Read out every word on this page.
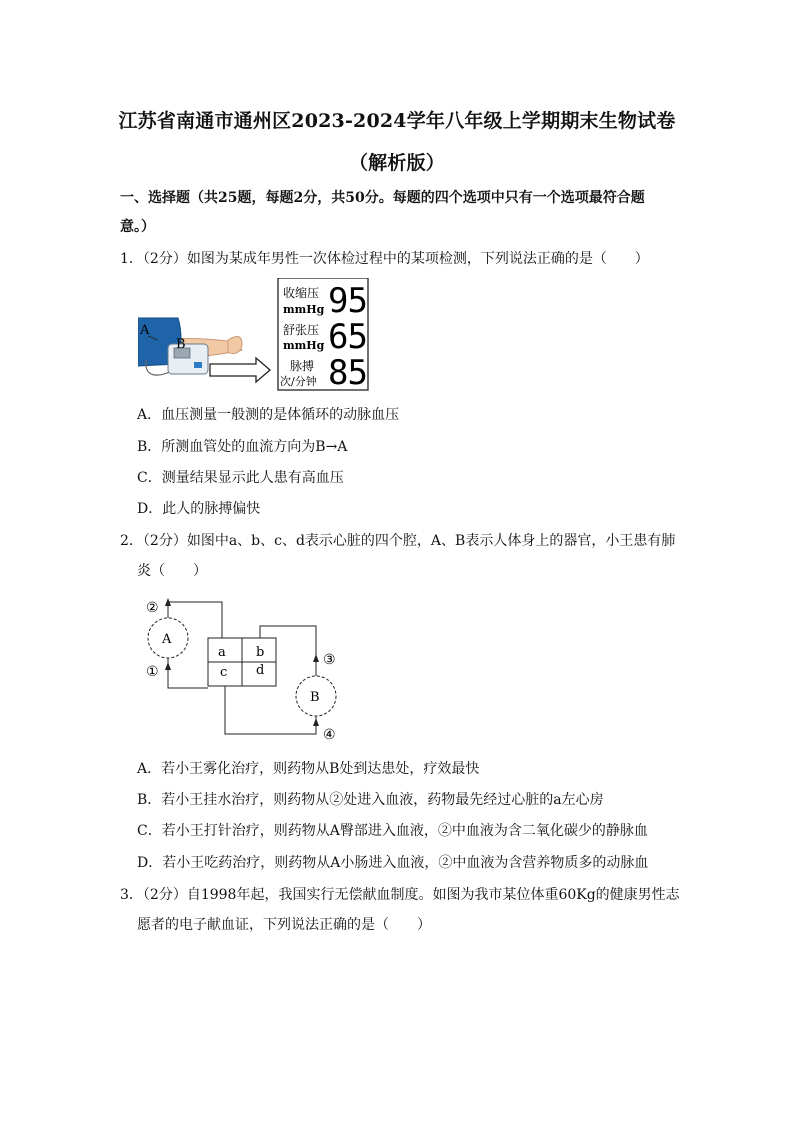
江苏省南通市通州区2023-2024学年八年级上学期期末生物试卷
（解析版）
一、选择题（共25题，每题2分，共50分。每题的四个选项中只有一个选项最符合题
意。）
1．（2分）如图为某成年男性一次体检过程中的某项检测，下列说法正确的是（　　）
A
B
收缩压
mmHg 95
舒张压
mmHg 65
脉搏
次/分钟 85
A．血压测量一般测的是体循环的动脉血压
B．所测血管处的血流方向为B→A
C．测量结果显示此人患有高血压
D．此人的脉搏偏快
2．（2分）如图中a、b、c、d表示心脏的四个腔，A、B表示人体身上的器官，小王患有肺
炎（　　）
A
B
a b
c d
②
①
③
④
A．若小王雾化治疗，则药物从B处到达患处，疗效最快
B．若小王挂水治疗，则药物从②处进入血液，药物最先经过心脏的a左心房
C．若小王打针治疗，则药物从A臀部进入血液，②中血液为含二氧化碳少的静脉血
D．若小王吃药治疗，则药物从A小肠进入血液，②中血液为含营养物质多的动脉血
3．（2分）自1998年起，我国实行无偿献血制度。如图为我市某位体重60Kg的健康男性志
愿者的电子献血证，下列说法正确的是（　　）
